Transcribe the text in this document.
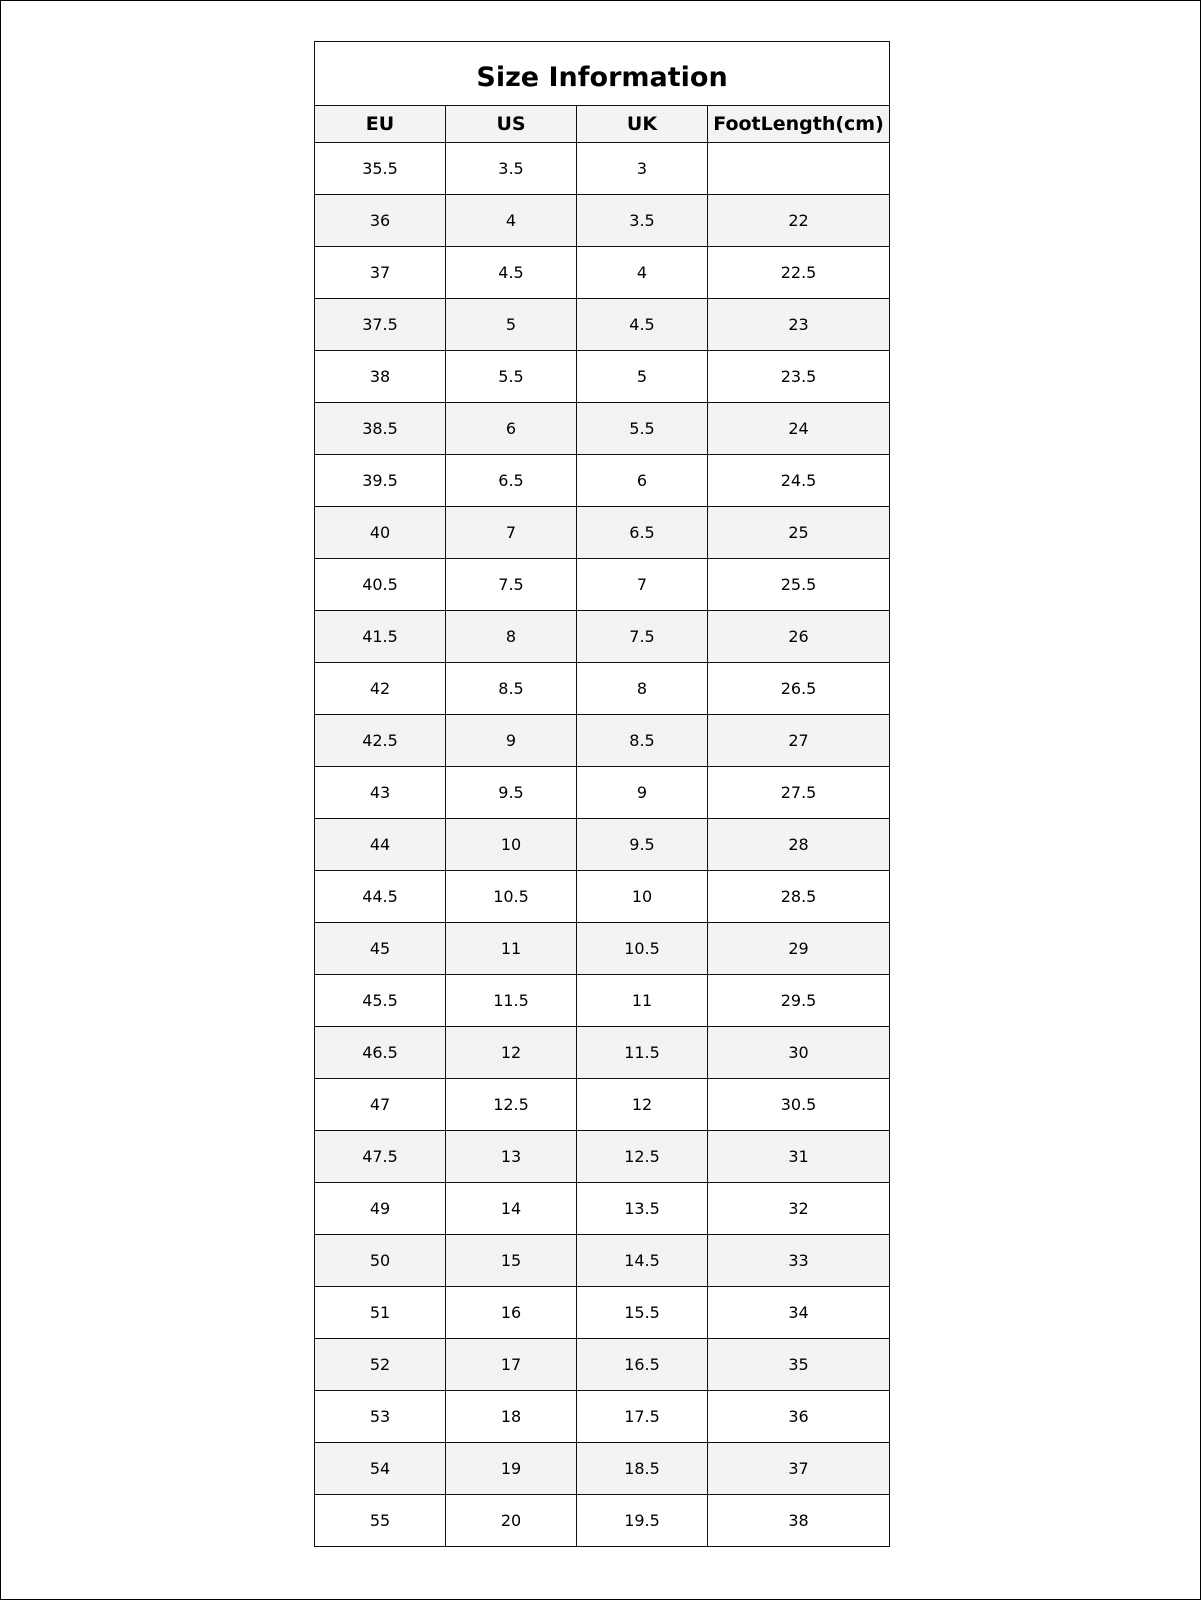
Size Information			
EU	US	UK	FootLength(cm)
35.5	3.5	3	
36	4	3.5	22
37	4.5	4	22.5
37.5	5	4.5	23
38	5.5	5	23.5
38.5	6	5.5	24
39.5	6.5	6	24.5
40	7	6.5	25
40.5	7.5	7	25.5
41.5	8	7.5	26
42	8.5	8	26.5
42.5	9	8.5	27
43	9.5	9	27.5
44	10	9.5	28
44.5	10.5	10	28.5
45	11	10.5	29
45.5	11.5	11	29.5
46.5	12	11.5	30
47	12.5	12	30.5
47.5	13	12.5	31
49	14	13.5	32
50	15	14.5	33
51	16	15.5	34
52	17	16.5	35
53	18	17.5	36
54	19	18.5	37
55	20	19.5	38
